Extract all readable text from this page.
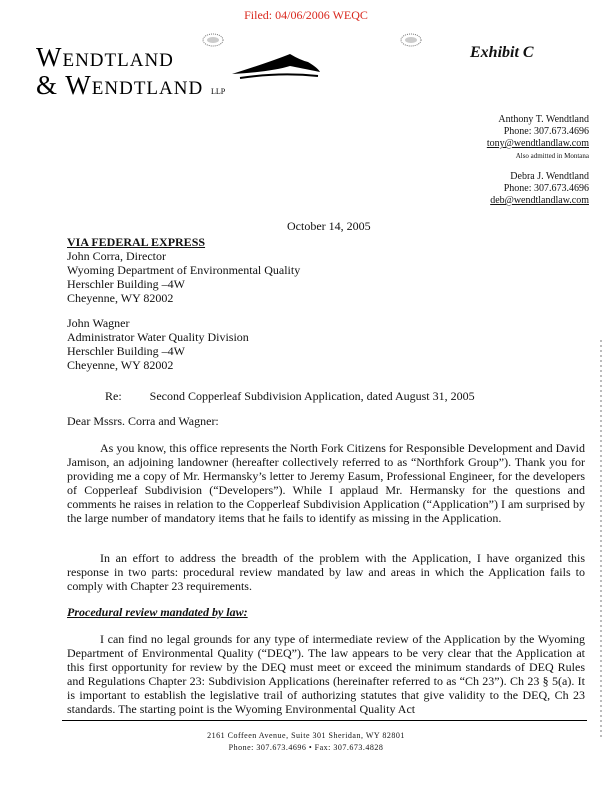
Filed: 04/06/2006 WEQC
Wendtland
& Wendtland LLP
Exhibit C
Anthony T. Wendtland
Phone: 307.673.4696
tony@wendtlandlaw.com
Also admitted in Montana
Debra J. Wendtland
Phone: 307.673.4696
deb@wendtlandlaw.com
October 14, 2005
VIA FEDERAL EXPRESS
John Corra, Director
Wyoming Department of Environmental Quality
Herschler Building –4W
Cheyenne, WY 82002
John Wagner
Administrator Water Quality Division
Herschler Building –4W
Cheyenne, WY 82002
Re: Second Copperleaf Subdivision Application, dated August 31, 2005
Dear Mssrs. Corra and Wagner:

As you know, this office represents the North Fork Citizens for Responsible Development and David Jamison, an adjoining landowner (hereafter collectively referred to as “Northfork Group”). Thank you for providing me a copy of Mr. Hermansky’s letter to Jeremy Easum, Professional Engineer, for the developers of Copperleaf Subdivision (“Developers”). While I applaud Mr. Hermansky for the questions and comments he raises in relation to the Copperleaf Subdivision Application (“Application”) I am surprised by the large number of mandatory items that he fails to identify as missing in the Application.

In an effort to address the breadth of the problem with the Application, I have organized this response in two parts: procedural review mandated by law and areas in which the Application fails to comply with Chapter 23 requirements.

Procedural review mandated by law:

I can find no legal grounds for any type of intermediate review of the Application by the Wyoming Department of Environmental Quality (“DEQ”). The law appears to be very clear that the Application at this first opportunity for review by the DEQ must meet or exceed the minimum standards of DEQ Rules and Regulations Chapter 23: Subdivision Applications (hereinafter referred to as “Ch 23”). Ch 23 § 5(a). It is important to establish the legislative trail of authorizing statutes that give validity to the DEQ, Ch 23 standards. The starting point is the Wyoming Environmental Quality Act

2161 Coffeen Avenue, Suite 301 Sheridan, WY 82801
Phone: 307.673.4696 • Fax: 307.673.4828
